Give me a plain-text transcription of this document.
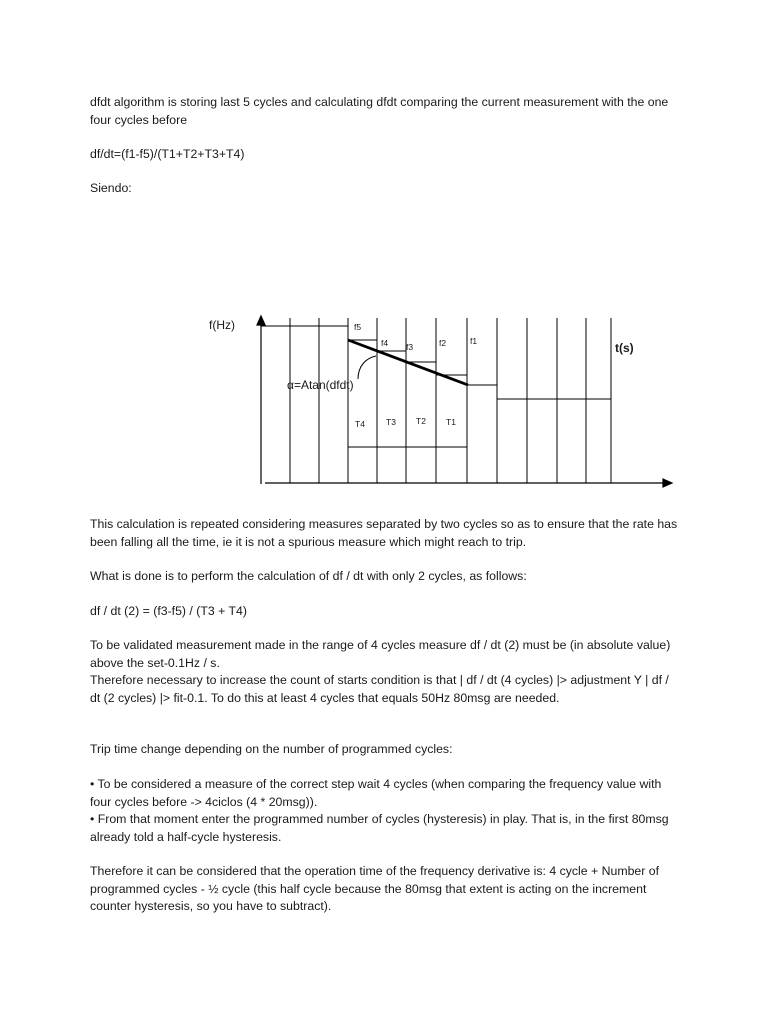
dfdt algorithm is storing last 5 cycles and calculating dfdt comparing the current measurement with the one four cycles before

df/dt=(f1-f5)/(T1+T2+T3+T4)

Siendo:

f(Hz)
t(s)
α=Atan(dfdt)
f5
f4 f3	f2	f1
T4 T3 T2 T1

This calculation is repeated considering measures separated by two cycles so as to ensure that the rate has been falling all the time, ie it is not a spurious measure which might reach to trip.

What is done is to perform the calculation of df / dt with only 2 cycles, as follows:

df / dt (2) = (f3-f5) / (T3 + T4)

To be validated measurement made in the range of 4 cycles measure df / dt (2) must be (in absolute value) above the set-0.1Hz / s.

Therefore necessary to increase the count of starts condition is that | df / dt (4 cycles) |> adjustment Y | df / dt (2 cycles) |> fit-0.1. To do this at least 4 cycles that equals 50Hz 80msg are needed.

Trip time change depending on the number of programmed cycles:

• To be considered a measure of the correct step wait 4 cycles (when comparing the frequency value with four cycles before -> 4ciclos (4 * 20msg)).

• From that moment enter the programmed number of cycles (hysteresis) in play. That is, in the first 80msg already told a half-cycle hysteresis.

Therefore it can be considered that the operation time of the frequency derivative is: 4 cycle + Number of programmed cycles - ½ cycle (this half cycle because the 80msg that extent is acting on the increment counter hysteresis, so you have to subtract).
